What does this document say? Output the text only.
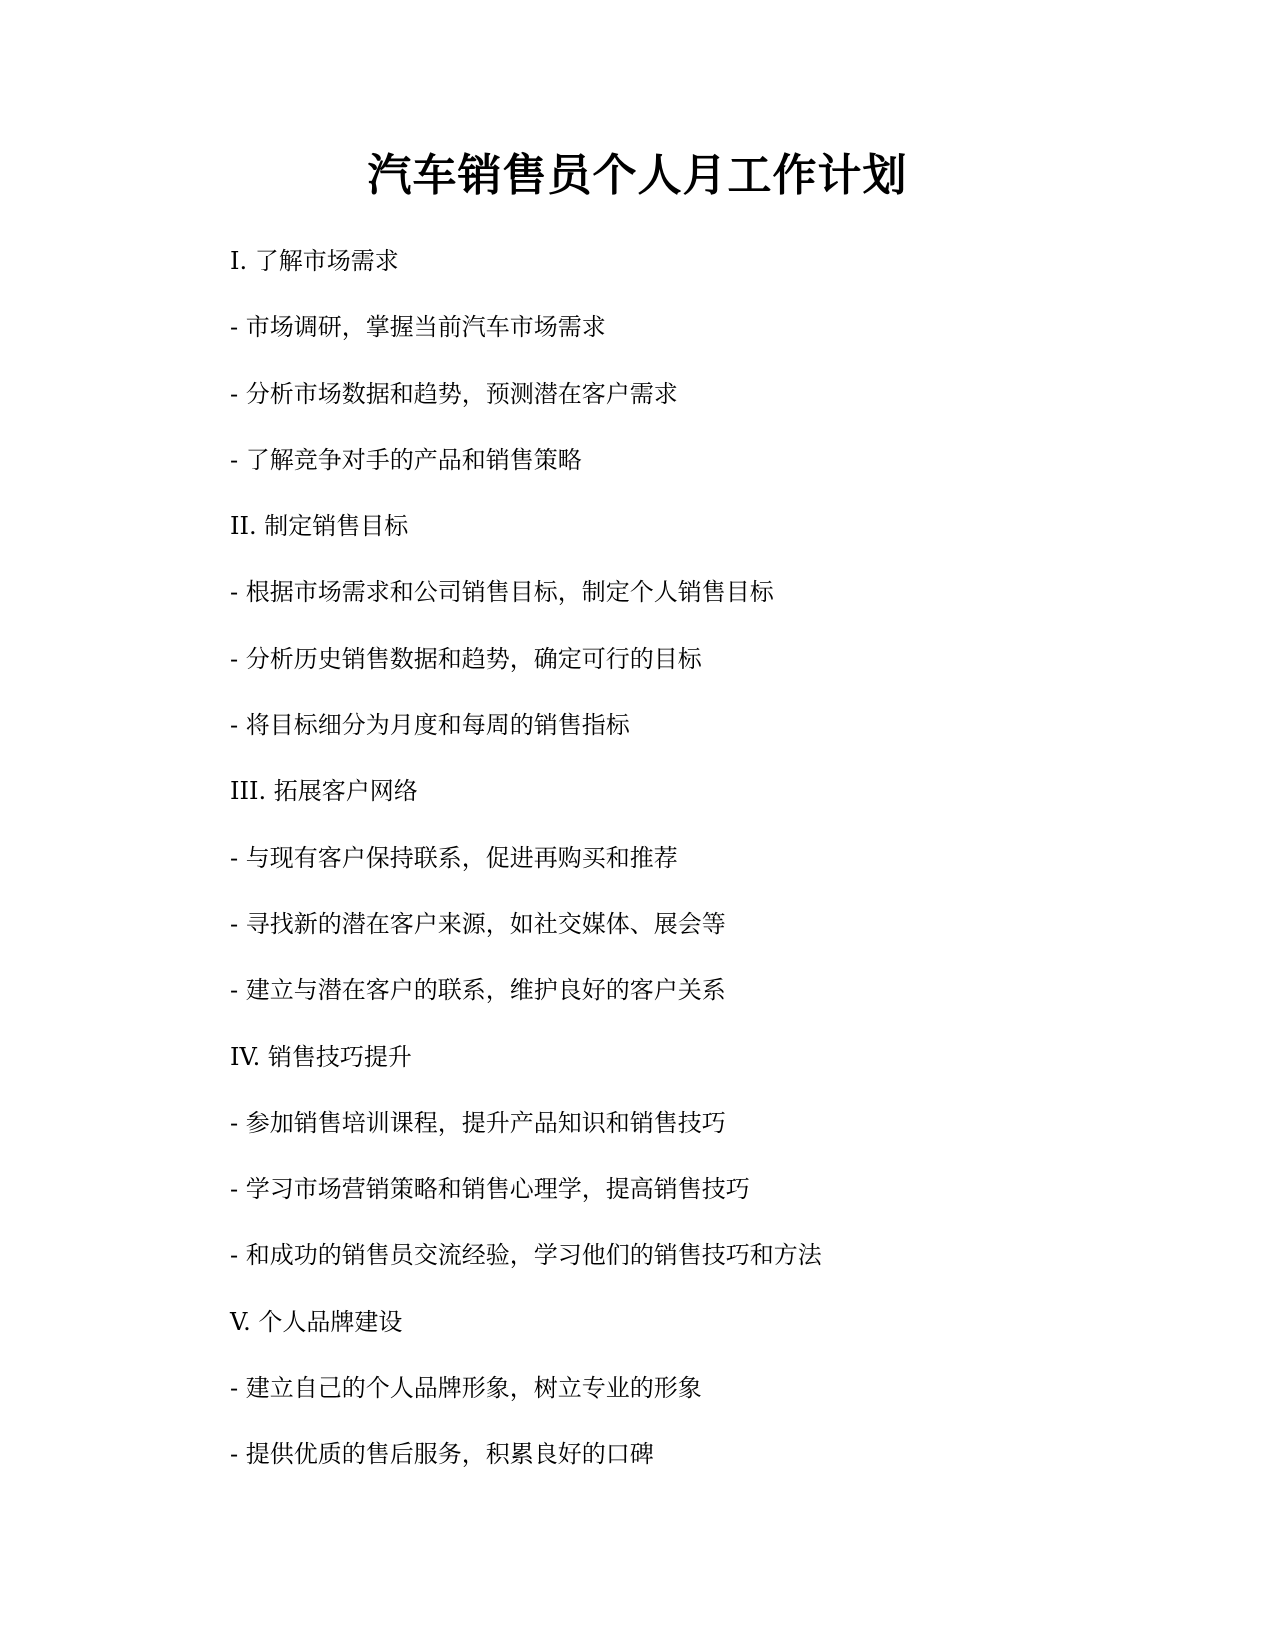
汽车销售员个人月工作计划

I. 了解市场需求

- 市场调研，掌握当前汽车市场需求

- 分析市场数据和趋势，预测潜在客户需求

- 了解竞争对手的产品和销售策略

II. 制定销售目标

- 根据市场需求和公司销售目标，制定个人销售目标

- 分析历史销售数据和趋势，确定可行的目标

- 将目标细分为月度和每周的销售指标

III. 拓展客户网络

- 与现有客户保持联系，促进再购买和推荐

- 寻找新的潜在客户来源，如社交媒体、展会等

- 建立与潜在客户的联系，维护良好的客户关系

IV. 销售技巧提升

- 参加销售培训课程，提升产品知识和销售技巧

- 学习市场营销策略和销售心理学，提高销售技巧

- 和成功的销售员交流经验，学习他们的销售技巧和方法

V. 个人品牌建设

- 建立自己的个人品牌形象，树立专业的形象

- 提供优质的售后服务，积累良好的口碑
